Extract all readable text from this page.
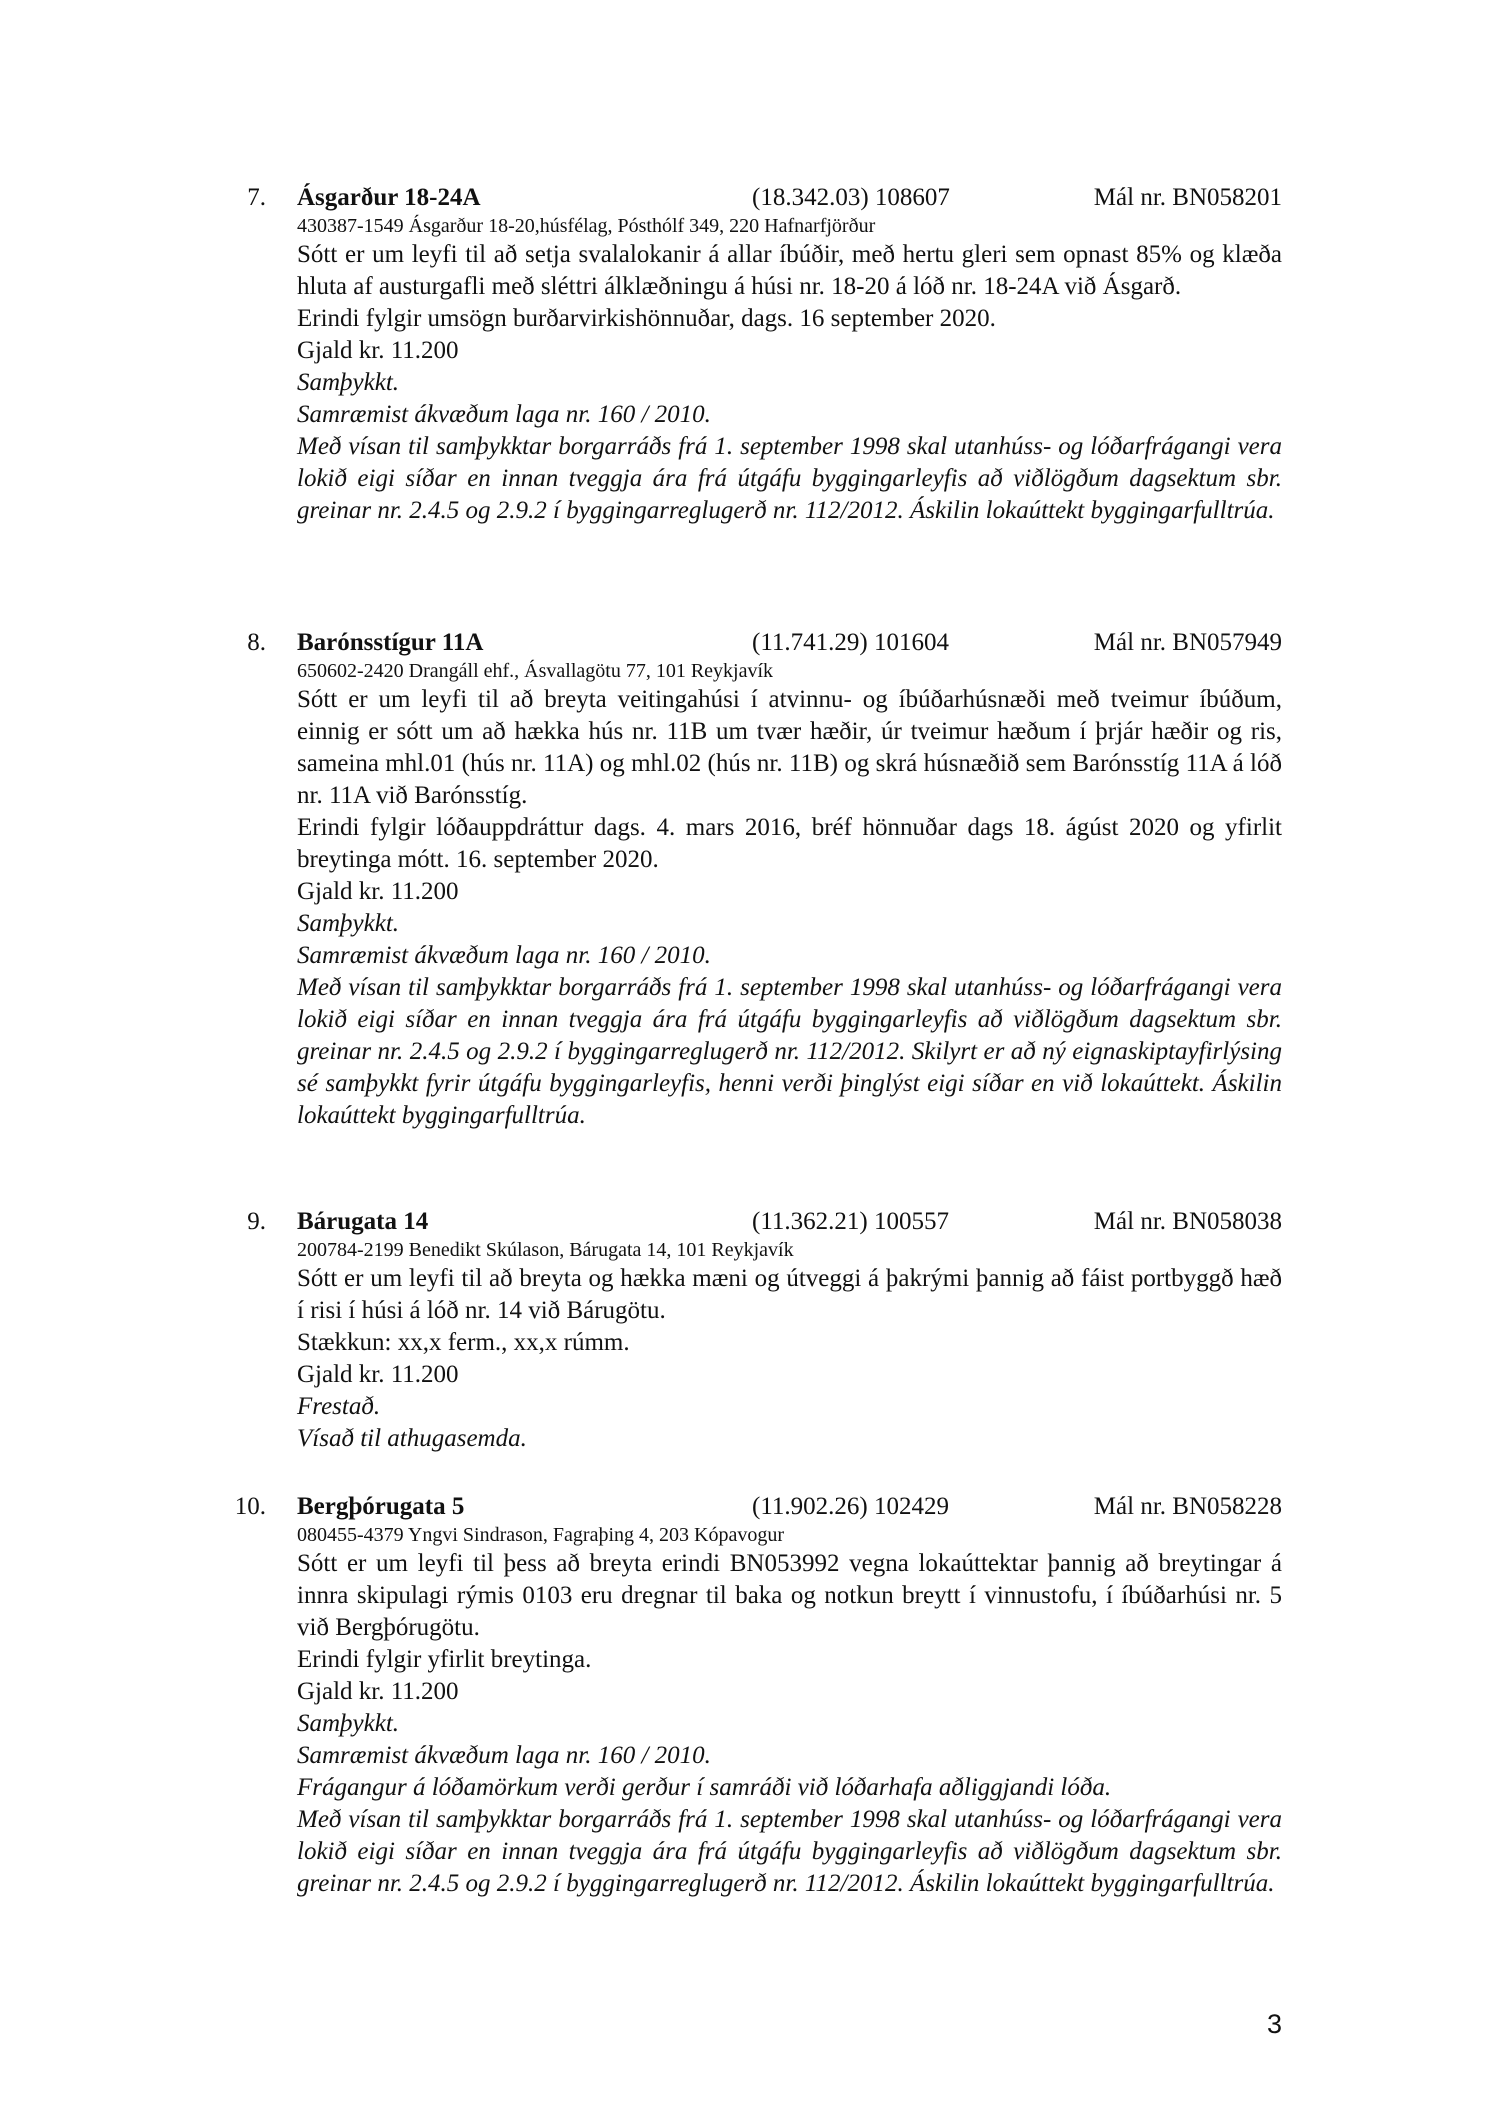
7. Ásgarður 18-24A	(18.342.03) 108607	Mál nr. BN058201
430387-1549 Ásgarður 18-20,húsfélag, Pósthólf 349, 220 Hafnarfjörður

Sótt er um leyfi til að setja svalalokanir á allar íbúðir, með hertu gleri sem opnast 85% og klæða hluta af austurgafli með sléttri álklæðningu á húsi nr. 18-20 á lóð nr. 18-24A við Ásgarð.

Erindi fylgir umsögn burðarvirkishönnuðar, dags. 16 september 2020.

Gjald kr. 11.200

Samþykkt.

Samræmist ákvæðum laga nr. 160 / 2010.

Með vísan til samþykktar borgarráðs frá 1. september 1998 skal utanhúss- og lóðarfrágangi vera lokið eigi síðar en innan tveggja ára frá útgáfu byggingarleyfis að viðlögðum dagsektum sbr. greinar nr. 2.4.5 og 2.9.2 í byggingarreglugerð nr. 112/2012. Áskilin lokaúttekt byggingarfulltrúa.

8. Barónsstígur 11A	(11.741.29) 101604	Mál nr. BN057949
650602-2420 Drangáll ehf., Ásvallagötu 77, 101 Reykjavík

Sótt er um leyfi til að breyta veitingahúsi í atvinnu- og íbúðarhúsnæði með tveimur íbúðum, einnig er sótt um að hækka hús nr. 11B um tvær hæðir, úr tveimur hæðum í þrjár hæðir og ris, sameina mhl.01 (hús nr. 11A) og mhl.02 (hús nr. 11B) og skrá húsnæðið sem Barónsstíg 11A á lóð nr. 11A við Barónsstíg.

Erindi fylgir lóðauppdráttur dags. 4. mars 2016, bréf hönnuðar dags 18. ágúst 2020 og yfirlit breytinga mótt. 16. september 2020.

Gjald kr. 11.200

Samþykkt.

Samræmist ákvæðum laga nr. 160 / 2010.

Með vísan til samþykktar borgarráðs frá 1. september 1998 skal utanhúss- og lóðarfrágangi vera lokið eigi síðar en innan tveggja ára frá útgáfu byggingarleyfis að viðlögðum dagsektum sbr. greinar nr. 2.4.5 og 2.9.2 í byggingarreglugerð nr. 112/2012. Skilyrt er að ný eignaskiptayfirlýsing sé samþykkt fyrir útgáfu byggingarleyfis, henni verði þinglýst eigi síðar en við lokaúttekt. Áskilin lokaúttekt byggingarfulltrúa.

9. Bárugata 14	(11.362.21) 100557	Mál nr. BN058038
200784-2199 Benedikt Skúlason, Bárugata 14, 101 Reykjavík

Sótt er um leyfi til að breyta og hækka mæni og útveggi á þakrými þannig að fáist portbyggð hæð í risi í húsi á lóð nr. 14 við Bárugötu.

Stækkun: xx,x ferm., xx,x rúmm.

Gjald kr. 11.200

Frestað.

Vísað til athugasemda.

10. Bergþórugata 5	(11.902.26) 102429	Mál nr. BN058228
080455-4379 Yngvi Sindrason, Fagraþing 4, 203 Kópavogur

Sótt er um leyfi til þess að breyta erindi BN053992 vegna lokaúttektar þannig að breytingar á innra skipulagi rýmis 0103 eru dregnar til baka og notkun breytt í vinnustofu, í íbúðarhúsi nr. 5 við Bergþórugötu.

Erindi fylgir yfirlit breytinga.

Gjald kr. 11.200

Samþykkt.

Samræmist ákvæðum laga nr. 160 / 2010.

Frágangur á lóðamörkum verði gerður í samráði við lóðarhafa aðliggjandi lóða.

Með vísan til samþykktar borgarráðs frá 1. september 1998 skal utanhúss- og lóðarfrágangi vera lokið eigi síðar en innan tveggja ára frá útgáfu byggingarleyfis að viðlögðum dagsektum sbr. greinar nr. 2.4.5 og 2.9.2 í byggingarreglugerð nr. 112/2012. Áskilin lokaúttekt byggingarfulltrúa.

3
